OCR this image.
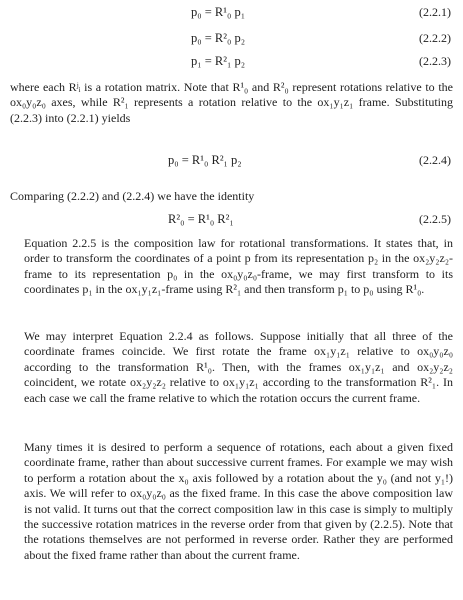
p₀ = R¹₀ p₁	(2.2.1)
p₀ = R²₀ p₂	(2.2.2)
p₁ = R²₁ p₂	(2.2.3)

where each Rʲᵢ is a rotation matrix. Note that R¹₀ and R²₀ represent rotations relative to the ox₀y₀z₀ axes, while R²₁ represents a rotation relative to the ox₁y₁z₁ frame. Substituting (2.2.3) into (2.2.1) yields

p₀ = R¹₀ R²₁ p₂	(2.2.4)

Comparing (2.2.2) and (2.2.4) we have the identity

R²₀ = R¹₀ R²₁	(2.2.5)

Equation 2.2.5 is the composition law for rotational transformations. It states that, in order to transform the coordinates of a point p from its representation p₂ in the ox₂y₂z₂-frame to its representation p₀ in the ox₀y₀z₀-frame, we may first transform to its coordinates p₁ in the ox₁y₁z₁-frame using R²₁ and then transform p₁ to p₀ using R¹₀.

We may interpret Equation 2.2.4 as follows. Suppose initially that all three of the coordinate frames coincide. We first rotate the frame ox₁y₁z₁ relative to ox₀y₀z₀ according to the transformation R¹₀. Then, with the frames ox₁y₁z₁ and ox₂y₂z₂ coincident, we rotate ox₂y₂z₂ relative to ox₁y₁z₁ according to the transformation R²₁. In each case we call the frame relative to which the rotation occurs the current frame.

Many times it is desired to perform a sequence of rotations, each about a given fixed coordinate frame, rather than about successive current frames. For example we may wish to perform a rotation about the x₀ axis followed by a rotation about the y₀ (and not y₁!) axis. We will refer to ox₀y₀z₀ as the fixed frame. In this case the above composition law is not valid. It turns out that the correct composition law in this case is simply to multiply the successive rotation matrices in the reverse order from that given by (2.2.5). Note that the rotations themselves are not performed in reverse order. Rather they are performed about the fixed frame rather than about the current frame.
